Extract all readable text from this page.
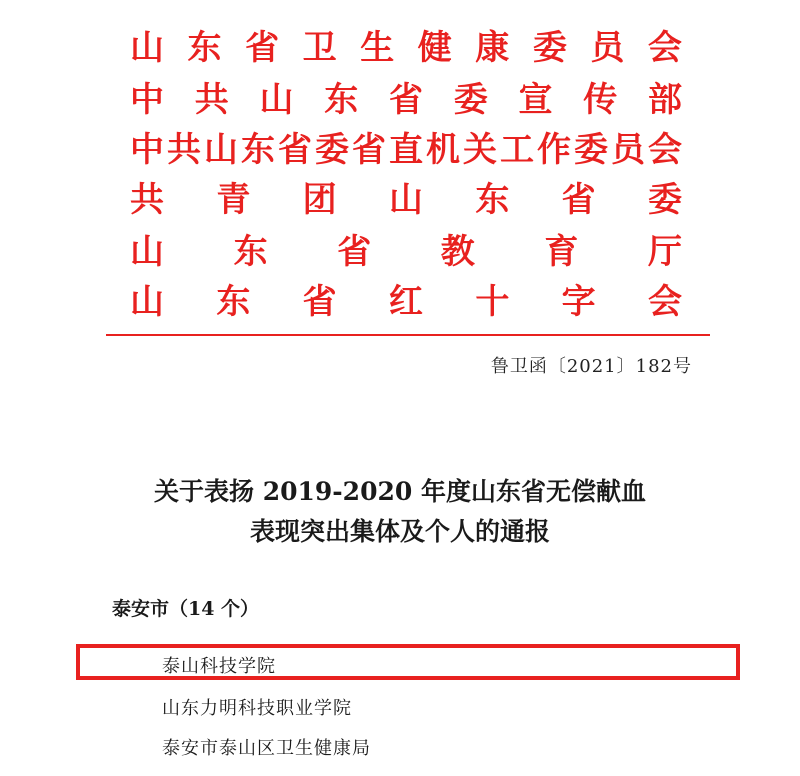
山 东 省 卫 生 健 康 委 员 会
中 共 山 东 省 委 宣 传 部
中 共 山 东 省 委 省 直 机 关 工 作 委 员 会
共 青 团 山 东 省 委
山 东 省 教 育 厅
山 东 省 红 十 字 会
鲁卫函〔2021〕182号
关于表扬 2019-2020 年度山东省无偿献血
表现突出集体及个人的通报
泰安市（14 个）
泰山科技学院
山东力明科技职业学院
泰安市泰山区卫生健康局
